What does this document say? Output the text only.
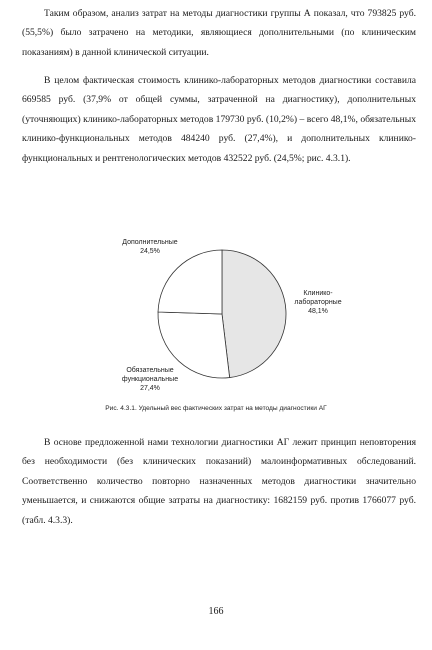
Таким образом, анализ затрат на методы диагностики группы А показал, что 793825 руб. (55,5%) было затрачено на методики, являющиеся дополнительными (по клиническим показаниям) в данной клинической ситуации.

В целом фактическая стоимость клинико-лабораторных методов диагностики составила 669585 руб. (37,9% от общей суммы, затраченной на диагностику), дополнительных (уточняющих) клинико-лабораторных методов 179730 руб. (10,2%) – всего 48,1%, обязательных клинико-функциональных методов 484240 руб. (27,4%), и дополнительных клинико-функциональных и рентгенологических методов 432522 руб. (24,5%; рис. 4.3.1).

Дополнительные
24,5%
Клинико-
лабораторные
48,1%
Обязательные
функциональные
27,4%
Рис. 4.3.1. Удельный вес фактических затрат на методы диагностики АГ

В основе предложенной нами технологии диагностики АГ лежит принцип неповторения без необходимости (без клинических показаний) малоинформативных обследований. Соответственно количество повторно назначенных методов диагностики значительно уменьшается, и снижаются общие затраты на диагностику: 1682159 руб. против 1766077 руб. (табл. 4.3.3).

166
